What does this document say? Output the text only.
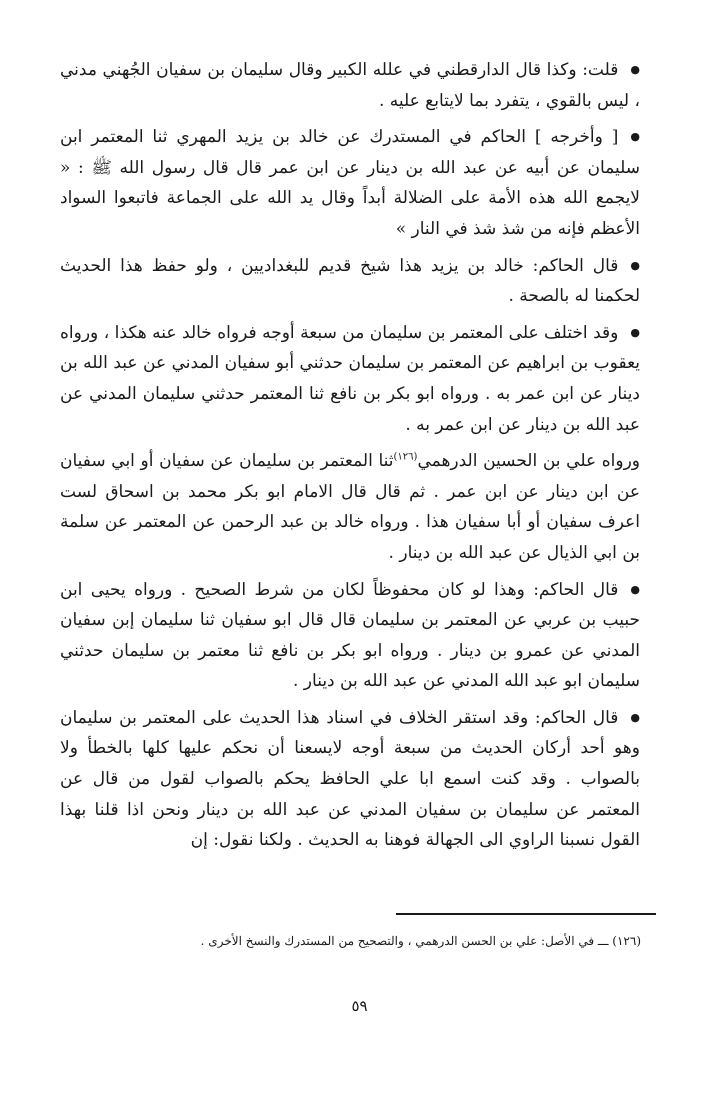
● قلت: وكذا قال الدارقطني في علله الكبير وقال سليمان بن سفيان الجُهني مدني ، ليس بالقوي ، يتفرد بما لايتابع عليه .

● [ وأخرجه ] الحاكم في المستدرك عن خالد بن يزيد المهري ثنا المعتمر ابن سليمان عن أبيه عن عبد الله بن دينار عن ابن عمر قال قال رسول الله ﷺ : « لايجمع الله هذه الأمة على الضلالة أبداً وقال يد الله على الجماعة فاتبعوا السواد الأعظم فإنه من شذ شذ في النار »

● قال الحاكم: خالد بن يزيد هذا شيخ قديم للبغداديين ، ولو حفظ هذا الحديث لحكمنا له بالصحة .

● وقد اختلف على المعتمر بن سليمان من سبعة أوجه فرواه خالد عنه هكذا ، ورواه يعقوب بن ابراهيم عن المعتمر بن سليمان حدثني أبو سفيان المدني عن عبد الله بن دينار عن ابن عمر به . ورواه ابو بكر بن نافع ثنا المعتمر حدثني سليمان المدني عن عبد الله بن دينار عن ابن عمر به .

ورواه علي بن الحسين الدرهمي$^{(١٢٦)}$ثنا المعتمر بن سليمان عن سفيان أو ابي سفيان عن ابن دينار عن ابن عمر . ثم قال قال الامام ابو بكر محمد بن اسحاق لست اعرف سفيان أو أبا سفيان هذا . ورواه خالد بن عبد الرحمن عن المعتمر عن سلمة بن ابي الذيال عن عبد الله بن دينار .

● قال الحاكم: وهذا لو كان محفوظاً لكان من شرط الصحيح . ورواه يحيى ابن حبيب بن عربي عن المعتمر بن سليمان قال قال ابو سفيان ثنا سليمان إبن سفيان المدني عن عمرو بن دينار . ورواه ابو بكر بن نافع ثنا معتمر بن سليمان حدثني سليمان ابو عبد الله المدني عن عبد الله بن دينار .

● قال الحاكم: وقد استقر الخلاف في اسناد هذا الحديث على المعتمر بن سليمان وهو أحد أركان الحديث من سبعة أوجه لايسعنا أن نحكم عليها كلها بالخطأ ولا بالصواب . وقد كنت اسمع ابا علي الحافظ يحكم بالصواب لقول من قال عن المعتمر عن سليمان بن سفيان المدني عن عبد الله بن دينار ونحن اذا قلنا بهذا القول نسبنا الراوي الى الجهالة فوهنا به الحديث . ولكنا نقول: إن

(١٢٦) ـــ في الأصل: علي بن الحسن الدرهمي ، والتصحيح من المستدرك والنسخ الأخرى .
٥٩
